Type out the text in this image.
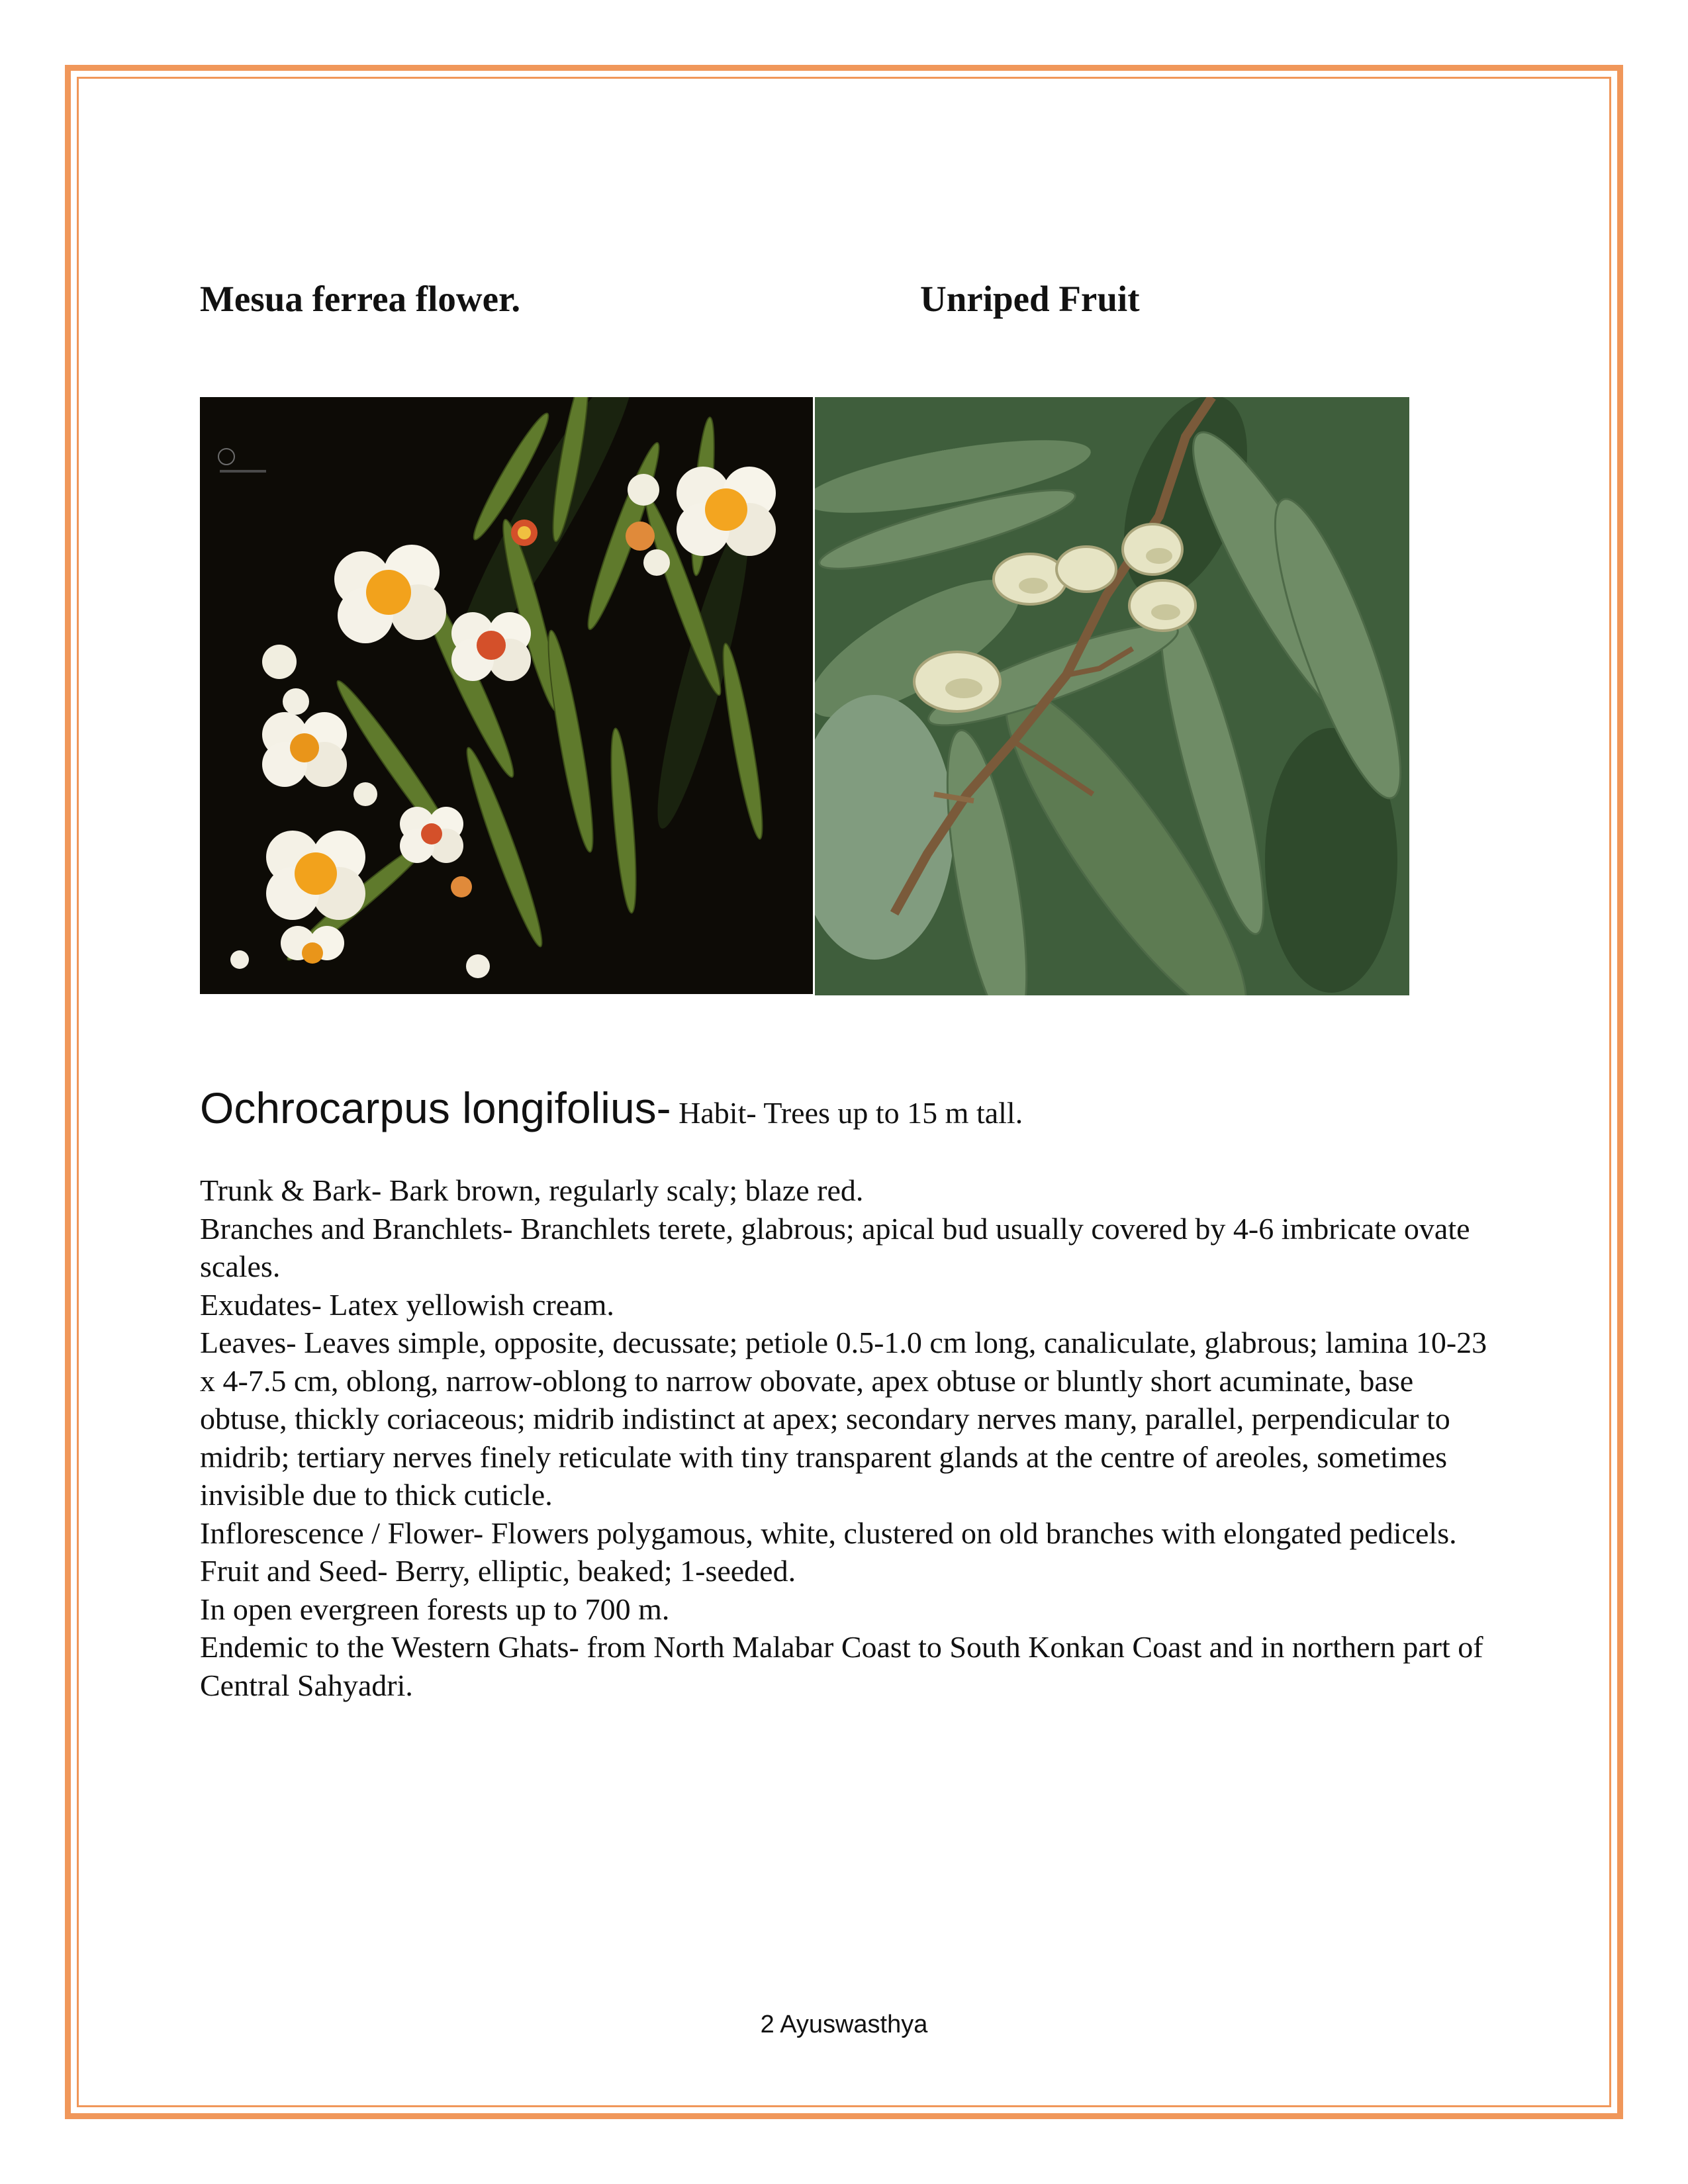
Mesua ferrea flower.	Unriped Fruit
Ochrocarpus longifolius- Habit- Trees up to 15 m tall.

Trunk & Bark- Bark brown, regularly scaly; blaze red.

Branches and Branchlets- Branchlets terete, glabrous; apical bud usually covered by 4-6 imbricate ovate scales.

Exudates- Latex yellowish cream.

Leaves- Leaves simple, opposite, decussate; petiole 0.5-1.0 cm long, canaliculate, glabrous; lamina 10-23 x 4-7.5 cm, oblong, narrow-oblong to narrow obovate, apex obtuse or bluntly short acuminate, base obtuse, thickly coriaceous; midrib indistinct at apex; secondary nerves many, parallel, perpendicular to midrib; tertiary nerves finely reticulate with tiny transparent glands at the centre of areoles, sometimes invisible due to thick cuticle.

Inflorescence / Flower- Flowers polygamous, white, clustered on old branches with elongated pedicels.

Fruit and Seed- Berry, elliptic, beaked; 1-seeded.

In open evergreen forests up to 700 m.

Endemic to the Western Ghats- from North Malabar Coast to South Konkan Coast and in northern part of Central Sahyadri.

2 Ayuswasthya
